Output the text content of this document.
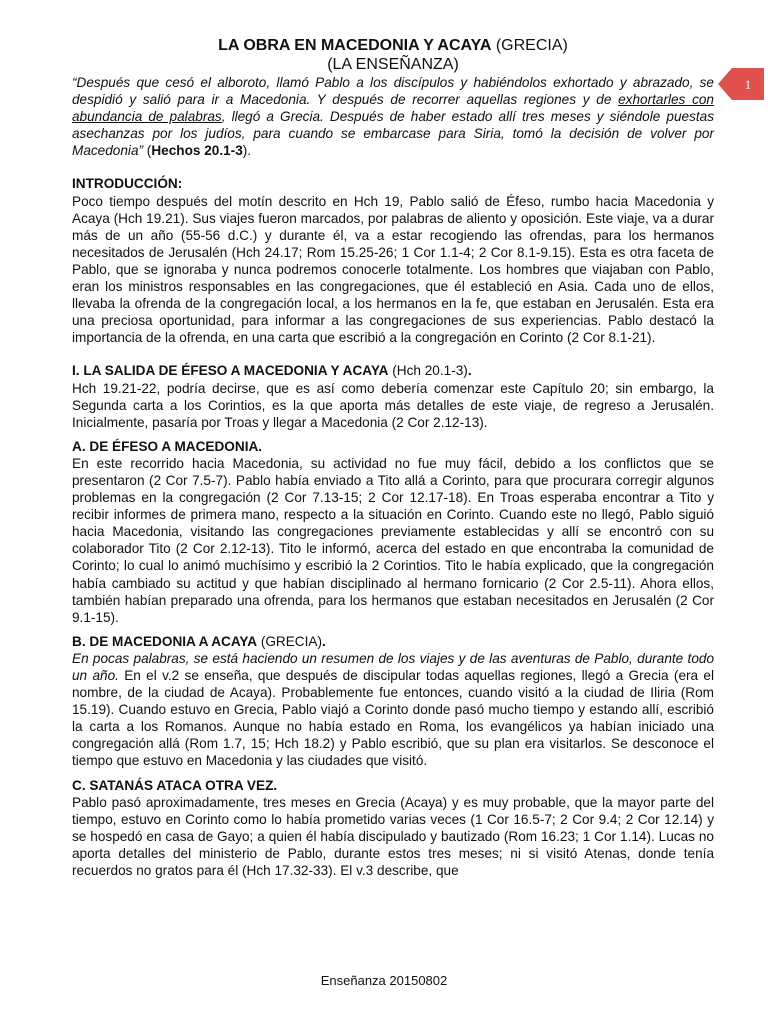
1
LA OBRA EN MACEDONIA Y ACAYA (GRECIA)
(LA ENSEÑANZA)

“Después que cesó el alboroto, llamó Pablo a los discípulos y habiéndolos exhortado y abrazado, se despidió y salió para ir a Macedonia. Y después de recorrer aquellas regiones y de exhortarles con abundancia de palabras, llegó a Grecia. Después de haber estado allí tres meses y siéndole puestas asechanzas por los judíos, para cuando se embarcase para Siria, tomó la decisión de volver por Macedonia” (Hechos 20.1-3).

INTRODUCCIÓN:

Poco tiempo después del motín descrito en Hch 19, Pablo salió de Éfeso, rumbo hacia Macedonia y Acaya (Hch 19.21). Sus viajes fueron marcados, por palabras de aliento y oposición. Este viaje, va a durar más de un año (55-56 d.C.) y durante él, va a estar recogiendo las ofrendas, para los hermanos necesitados de Jerusalén (Hch 24.17; Rom 15.25-26; 1 Cor 1.1-4; 2 Cor 8.1-9.15). Esta es otra faceta de Pablo, que se ignoraba y nunca podremos conocerle totalmente. Los hombres que viajaban con Pablo, eran los ministros responsables en las congregaciones, que él estableció en Asia. Cada uno de ellos, llevaba la ofrenda de la congregación local, a los hermanos en la fe, que estaban en Jerusalén. Esta era una preciosa oportunidad, para informar a las congregaciones de sus experiencias. Pablo destacó la importancia de la ofrenda, en una carta que escribió a la congregación en Corinto (2 Cor 8.1-21).

I. LA SALIDA DE ÉFESO A MACEDONIA Y ACAYA (Hch 20.1-3).

Hch 19.21-22, podría decirse, que es así como debería comenzar este Capítulo 20; sin embargo, la Segunda carta a los Corintios, es la que aporta más detalles de este viaje, de regreso a Jerusalén. Inicialmente, pasaría por Troas y llegar a Macedonia (2 Cor 2.12-13).

A. DE ÉFESO A MACEDONIA.

En este recorrido hacia Macedonia, su actividad no fue muy fácil, debido a los conflictos que se presentaron (2 Cor 7.5-7). Pablo había enviado a Tito allá a Corinto, para que procurara corregir algunos problemas en la congregación (2 Cor 7.13-15; 2 Cor 12.17-18). En Troas esperaba encontrar a Tito y recibir informes de primera mano, respecto a la situación en Corinto. Cuando este no llegó, Pablo siguió hacia Macedonia, visitando las congregaciones previamente establecidas y allí se encontró con su colaborador Tito (2 Cor 2.12-13). Tito le informó, acerca del estado en que encontraba la comunidad de Corinto; lo cual lo animó muchísimo y escribió la 2 Corintios. Tito le había explicado, que la congregación había cambiado su actitud y que habían disciplinado al hermano fornicario (2 Cor 2.5-11). Ahora ellos, también habían preparado una ofrenda, para los hermanos que estaban necesitados en Jerusalén (2 Cor 9.1-15).

B. DE MACEDONIA A ACAYA (GRECIA).

En pocas palabras, se está haciendo un resumen de los viajes y de las aventuras de Pablo, durante todo un año. En el v.2 se enseña, que después de discipular todas aquellas regiones, llegó a Grecia (era el nombre, de la ciudad de Acaya). Probablemente fue entonces, cuando visitó a la ciudad de Iliria (Rom 15.19). Cuando estuvo en Grecia, Pablo viajó a Corinto donde pasó mucho tiempo y estando allí, escribió la carta a los Romanos. Aunque no había estado en Roma, los evangélicos ya habían iniciado una congregación allá (Rom 1.7, 15; Hch 18.2) y Pablo escribió, que su plan era visitarlos. Se desconoce el tiempo que estuvo en Macedonia y las ciudades que visitó.

C. SATANÁS ATACA OTRA VEZ.

Pablo pasó aproximadamente, tres meses en Grecia (Acaya) y es muy probable, que la mayor parte del tiempo, estuvo en Corinto como lo había prometido varias veces (1 Cor 16.5-7; 2 Cor 9.4; 2 Cor 12.14) y se hospedó en casa de Gayo; a quien él había discipulado y bautizado (Rom 16.23; 1 Cor 1.14). Lucas no aporta detalles del ministerio de Pablo, durante estos tres meses; ni si visitó Atenas, donde tenía recuerdos no gratos para él (Hch 17.32-33). El v.3 describe, que

Enseñanza 20150802
